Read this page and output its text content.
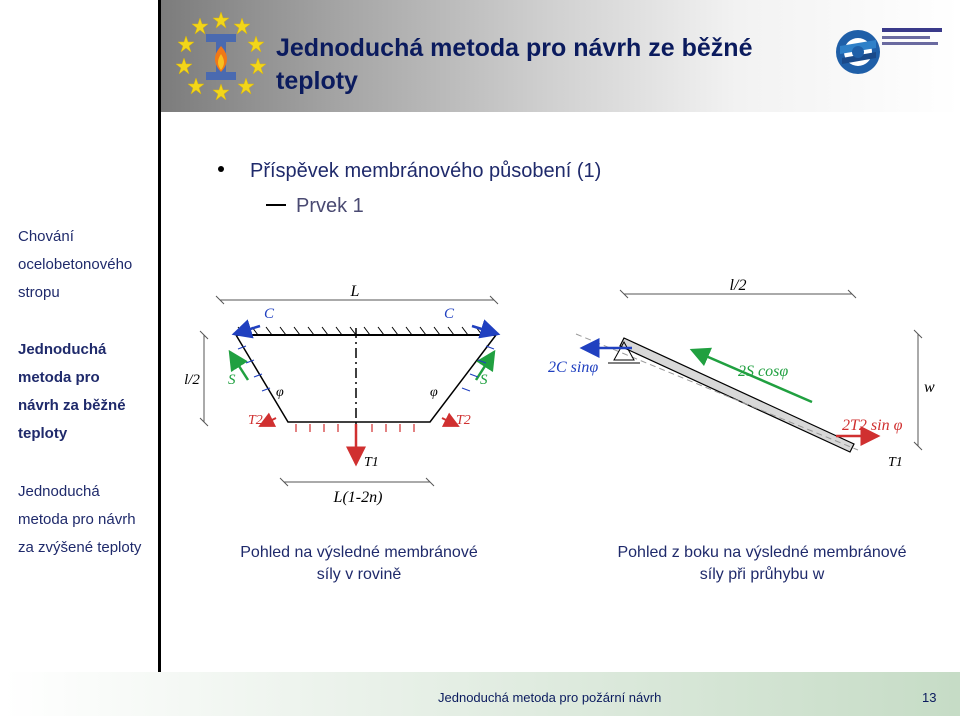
Jednoduchá metoda pro návrh ze běžné teploty
Chování
ocelobetonového
stropu
Jednoduchá
metoda pro
návrh za běžné
teploty
Jednoduchá
metoda pro návrh
za zvýšené teploty
Příspěvek membránového působení (1)
Prvek 1
L
l/2
C	C
S	S
T2	T2
φ	φ
T1
L(1-2n)
l/2
2C sinφ	2S cosφ
2T2 sin φ
T1
w
Pohled na výsledné membránové síly v rovině
Pohled z boku na výsledné membránové síly při průhybu w
Jednoduchá metoda pro požární návrh	13
